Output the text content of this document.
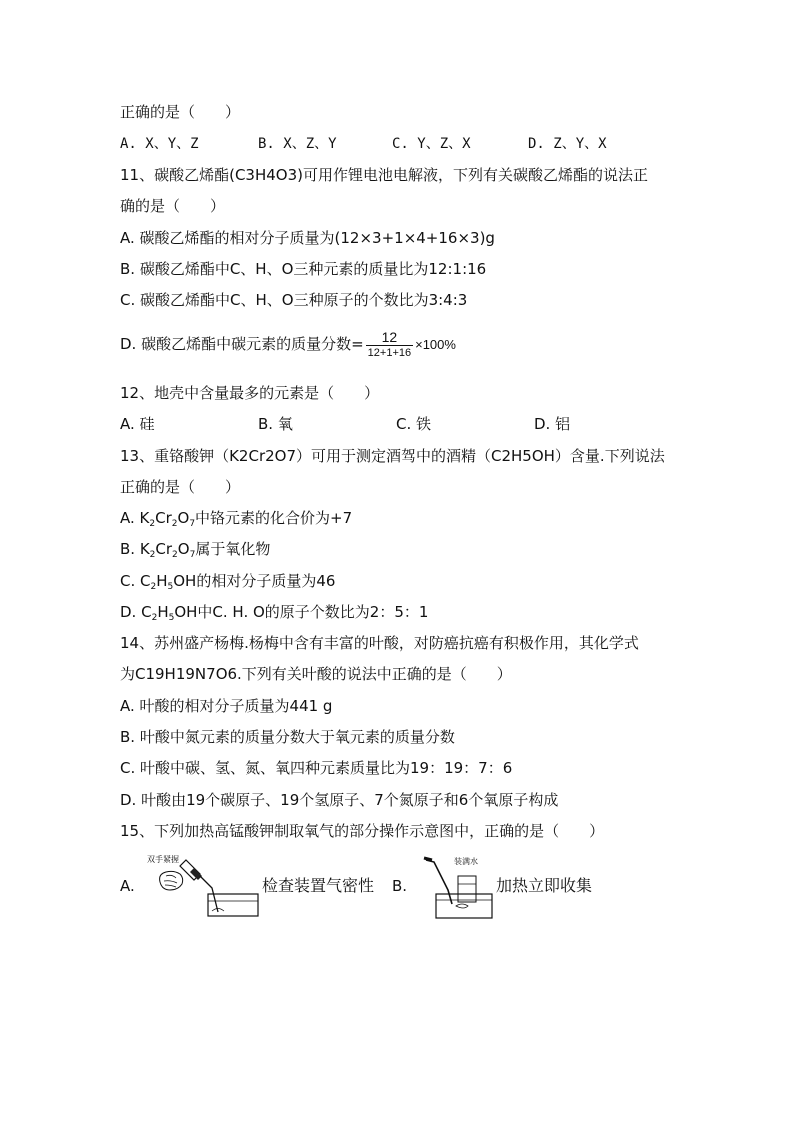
正确的是（　　）
A. X、Y、Z	B. X、Z、Y	C. Y、Z、X	D. Z、Y、X
11、碳酸乙烯酯(C3H4O3)可用作锂电池电解液，下列有关碳酸乙烯酯的说法正
确的是（　　）
A. 碳酸乙烯酯的相对分子质量为(12×3+1×4+16×3)g
B. 碳酸乙烯酯中C、H、O三种元素的质量比为12:1:16
C. 碳酸乙烯酯中C、H、O三种原子的个数比为3:4:3
D. 碳酸乙烯酯中碳元素的质量分数= $\frac{12}{12+1+16} \times 100\%$
12、地壳中含量最多的元素是（　　）
A. 硅	B. 氧	C. 铁	D. 铝
13、重铬酸钾（K2Cr2O7）可用于测定酒驾中的酒精（C2H5OH）含量.下列说法
正确的是（　　）
A. $K_2Cr_2O_7$中铬元素的化合价为+7
B. $K_2Cr_2O_7$属于氧化物
C. $C_2H_5OH$的相对分子质量为46
D. $C_2H_5OH$中C. H. O的原子个数比为2：5：1
14、苏州盛产杨梅.杨梅中含有丰富的叶酸，对防癌抗癌有积极作用，其化学式
为C19H19N7O6.下列有关叶酸的说法中正确的是（　　）
A. 叶酸的相对分子质量为441 g
B. 叶酸中氮元素的质量分数大于氧元素的质量分数
C. 叶酸中碳、氢、氮、氧四种元素质量比为19：19：7：6
D. 叶酸由19个碳原子、19个氢原子、7个氮原子和6个氧原子构成
15、下列加热高锰酸钾制取氧气的部分操作示意图中，正确的是（　　）
A.
双手紧握
检查装置气密性 B.
装满水
加热立即收集
